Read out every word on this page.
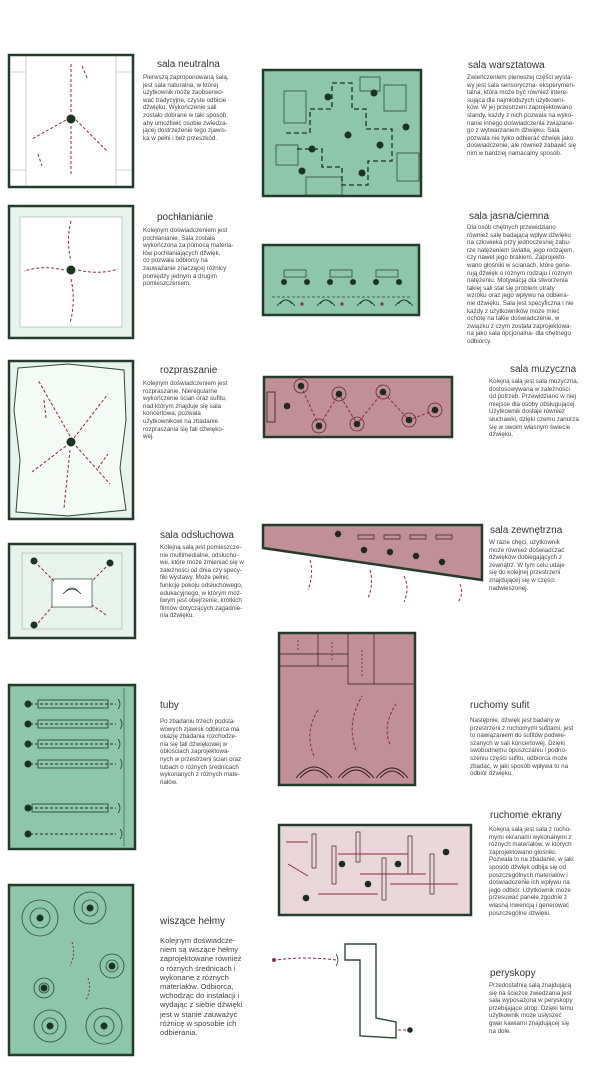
sala neutralna
Pierwszą zaproponowaną salą,
jest sala naturalna, w której
użytkownik może zaobserwo-
wać tradycyjne, czyste odbicie
dźwięku. Wykończenie sali
zostało dobrane w taki sposób,
aby umożliwić osobie zwiedza-
jącej dostrzeżenie tego zjawis-
ka w pełni i bez przeszkód.
sala warsztatowa
Zwieńczeniem pierwszej części wysta-
wy jest sala sensoryczna- eksperymen-
talna, która może być również intere-
sująca dla najmłodszych użytkowni-
ków. W jej przestrzeni zaprojektowano
standy, każdy z nich pozwala na wyko-
nanie innego doświadczenia związane-
go z wytwarzaniem dźwięku. Sala
pozwala nie tylko odbierać dźwięk jako
doświadczenie, ale również zabawić się
nim w bardziej namacalny sposób.
pochłanianie
Kolejnym doświadczeniem jest
pochłanianie. Sala została
wykończona za pomocą materia-
łów pochłaniających dźwięk,
co pozwala odbiorcy na
zauważanie znaczącej różnicy
pomiędzy jednym a drugim
pomieszczeniem.
sala jasna/ciemna
Dla osób chętnych przewidziano
również salę badającą wpływ dźwięku
na człowieka przy jednoczesnej zabu-
rze natężeniem światła, jego rodzajem,
czy nawet jego brakiem. Zaprojekto-
wano głośniki w ścianach, które gene-
rują dźwięk o różnym rodzaju i różnym
natężeniu. Motywacją dla stworzenia
takiej sali stał się problem utraty
wzroku oraz jego wpływu na odbiera-
nie dźwięku. Sala jest specyficzna i nie
każdy z użytkowników może mieć
ochotę na takie doświadczenie, w
związku z czym została zaprojektowa-
na jako sala opcjonalna- dla chętnego
odbiorcy.
rozpraszanie
Kolejnym doświadczeniem jest
rozpraszanie. Nieregularne
wykończenie ścian oraz sufitu,
nad którym znajduje się sala
koncertowa, pozwala
użytkownikowi na zbadanie
rozpraszania się fali dźwięko-
wej.
sala muzyczna
Kolejną salą jest sala muzyczna,
dostosowywana w zależności
od potrzeb. Przewidziano w niej
miejsce dla osoby obsługującej.
Użytkownik dostaje również
słuchawki, dzięki czemu zanurza
się w swoim własnym świecie
dźwięku.
sala odsłuchowa
Kolejną salą jest pomieszcze-
nie multimedialne, odsłucho-
we, które może zmieniać się w
zależności od dnia czy specy-
fiki wystawy. Może pełnić
funkcję pokoju odsłuchowego,
edukacyjnego, w którym moż-
liwym jest obejrzenie, krótkich
filmów dotyczących zagadnie-
nia dźwięku.
sala zewnętrzna
W razie chęci, użytkownik
może również doświadczać
dźwięków dobiegających z
zewnątrz. W tym celu udaje
się do kolejnej przestrzeni
znajdującej się w części
nadwieszonej.
tuby
Po zbadaniu trzech podsta-
wowych zjawisk odbiorca ma
okazję zbadania rozchodze-
nia się fali dźwiękowej w
obłościach zaprojektowa-
nych w przestrzeni ścian oraz
tubach o różnych średnicach
wykonanych z różnych mate-
riałów.
ruchomy sufit
Następnie, dźwięk jest badany w
przestrzeni z ruchomymi sufitami, jest
to nawiązaniem do sufitów podwie-
szanych w sali koncertowej. Dzięki
swobodnemu opuszczaniu i podno-
szeniu części sufitu, odbiorca może
zbadać, w jaki sposób wpływa to na
odbiór dźwięku.
ruchome ekrany
Kolejną salą jest sala z rucho-
mymi ekranami wykonanymi z
różnych materiałów, w których
zaprojektowano głośniki.
Pozwala to na zbadanie, w jaki
sposób dźwięk odbija się od
poszczególnych materiałów i
doświadczenie ich wpływu na
jego odbiór. Użytkownik może
przesuwać panele zgodnie z
własną inwencją i generować
poszczególne dźwięki.
wiszące hełmy
Kolejnym doświadcze-
niem są wiszące hełmy
zaprojektowane również
o różnych średnicach i
wykonane z różnych
materiałów. Odbiorca,
wchodząc do instalacji i
wydając z siebie dźwięki
jest w stanie zauważyć
różnicę w sposobie ich
odbierania.
peryskopy
Przedostatnią salą znajdującą
się na ścieżce zwiedzania jest
sala wyposażona w peryskopy
przebijające strop. Dzięki temu
użytkownik może usłyszeć
gwar kawiarni znajdującej się
na dole.
